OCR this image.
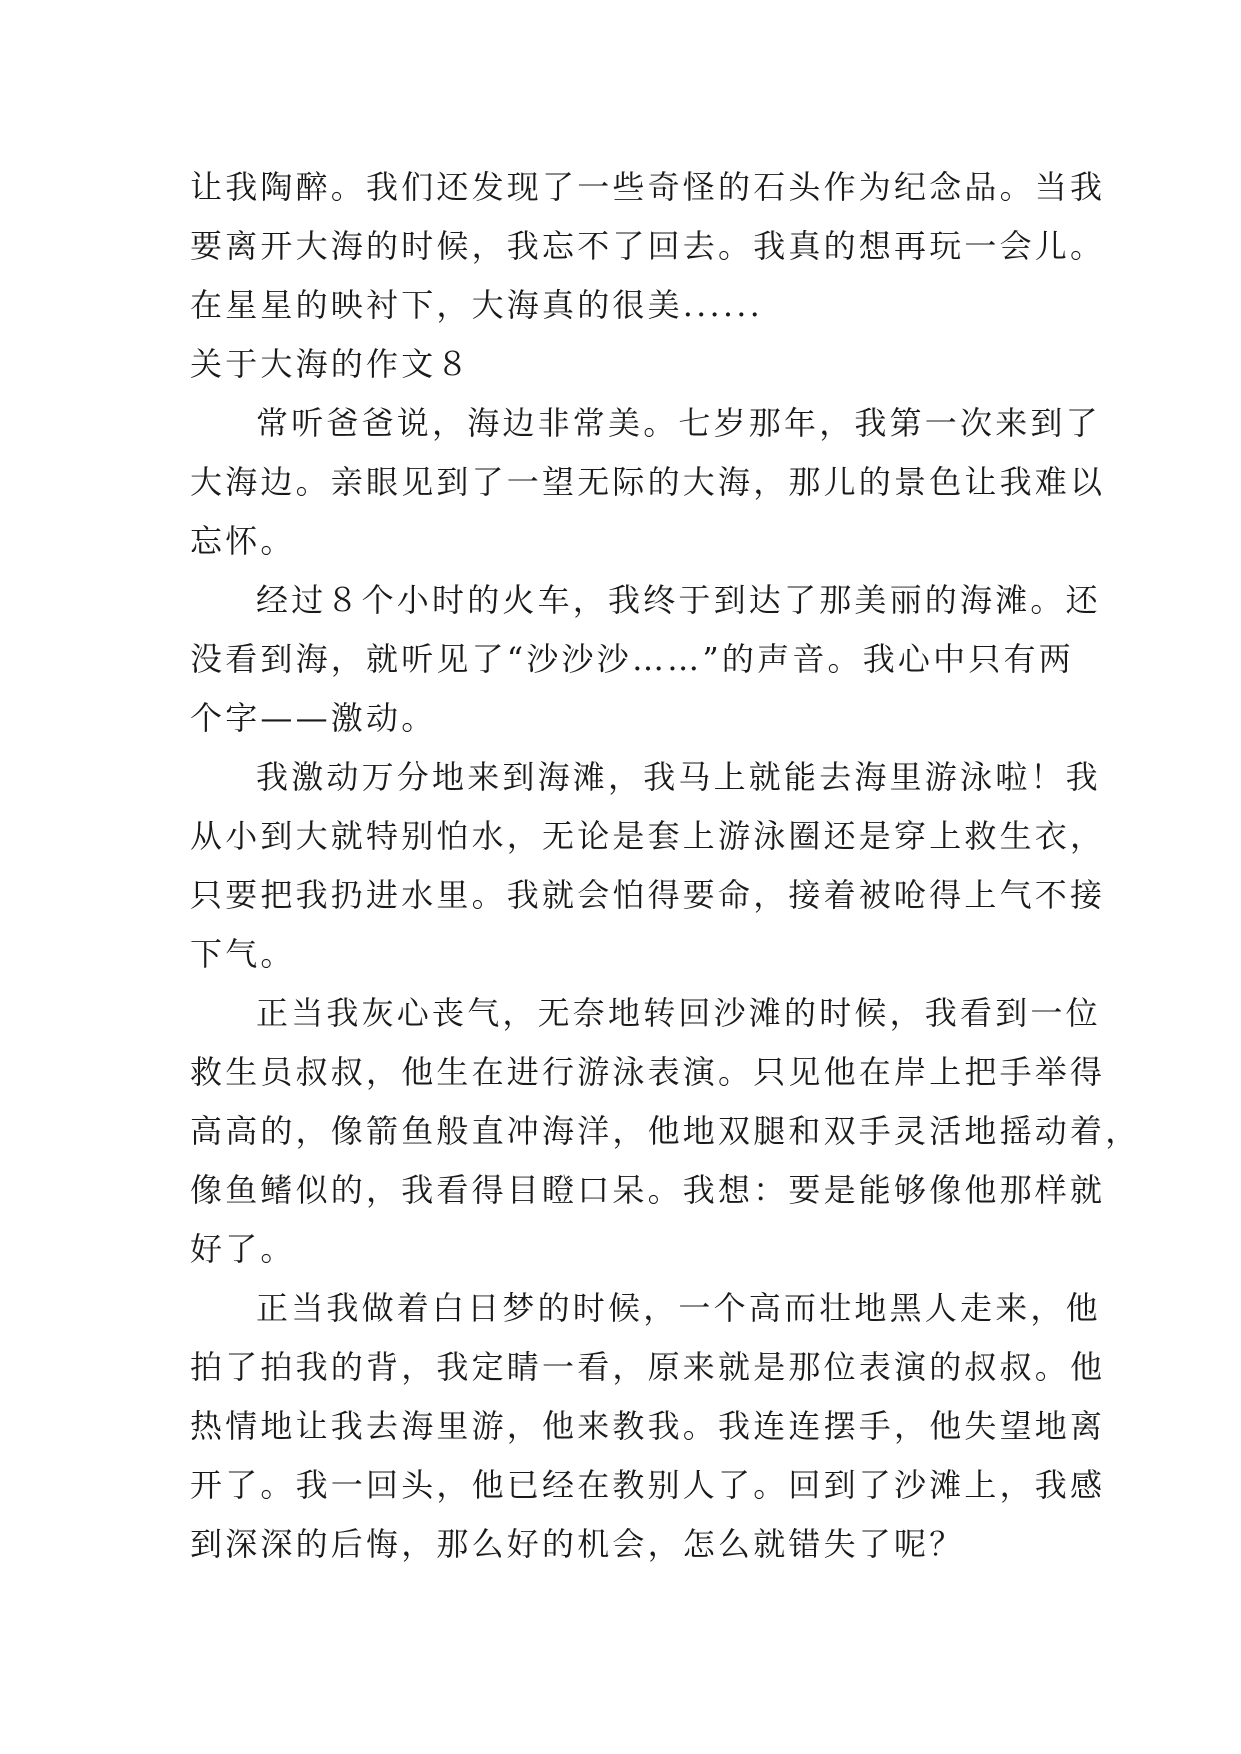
让我陶醉。我们还发现了一些奇怪的石头作为纪念品。当我
要离开大海的时候，我忘不了回去。我真的想再玩一会儿。
在星星的映衬下，大海真的很美......

关于大海的作文８

常听爸爸说，海边非常美。七岁那年，我第一次来到了
大海边。亲眼见到了一望无际的大海，那儿的景色让我难以
忘怀。

经过８个小时的火车，我终于到达了那美丽的海滩。还
没看到海，就听见了“沙沙沙……”的声音。我心中只有两
个字——激动。

我激动万分地来到海滩，我马上就能去海里游泳啦！我
从小到大就特别怕水，无论是套上游泳圈还是穿上救生衣，
只要把我扔进水里。我就会怕得要命，接着被呛得上气不接
下气。

正当我灰心丧气，无奈地转回沙滩的时候，我看到一位
救生员叔叔，他生在进行游泳表演。只见他在岸上把手举得
高高的，像箭鱼般直冲海洋，他地双腿和双手灵活地摇动着，
像鱼鳍似的，我看得目瞪口呆。我想：要是能够像他那样就
好了。

正当我做着白日梦的时候，一个高而壮地黑人走来，他
拍了拍我的背，我定睛一看，原来就是那位表演的叔叔。他
热情地让我去海里游，他来教我。我连连摆手，他失望地离
开了。我一回头，他已经在教别人了。回到了沙滩上，我感
到深深的后悔，那么好的机会，怎么就错失了呢？
